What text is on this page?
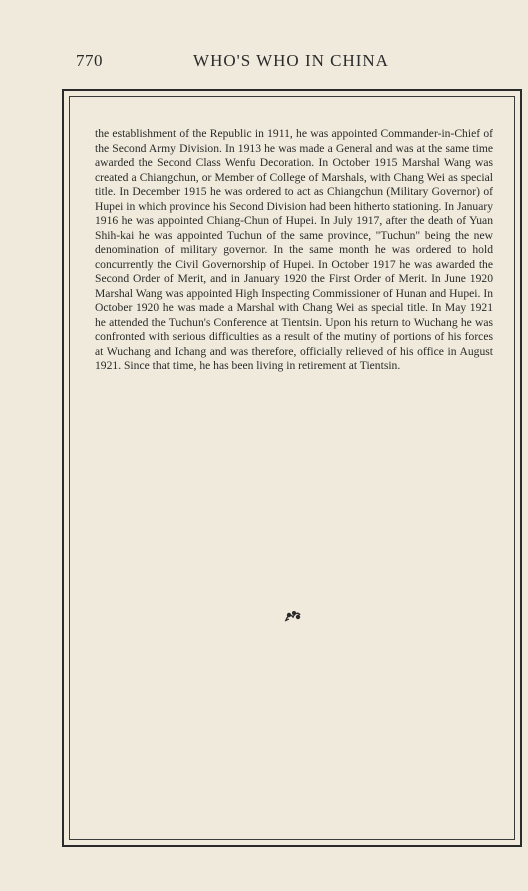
770	WHO'S WHO IN CHINA

the establishment of the Republic in 1911, he was appointed Commander-in-Chief of the Second Army Division. In 1913 he was made a General and was at the same time awarded the Second Class Wenfu Decoration. In October 1915 Marshal Wang was created a Chiangchun, or Member of College of Marshals, with Chang Wei as special title. In December 1915 he was ordered to act as Chiangchun (Military Governor) of Hupei in which province his Second Division had been hitherto stationing. In January 1916 he was appointed Chiang-Chun of Hupei. In July 1917, after the death of Yuan Shih-kai he was appointed Tuchun of the same province, "Tuchun" being the new denomination of military governor. In the same month he was ordered to hold concurrently the Civil Governorship of Hupei. In October 1917 he was awarded the Second Order of Merit, and in January 1920 the First Order of Merit. In June 1920 Marshal Wang was appointed High Inspecting Commissioner of Hunan and Hupei. In October 1920 he was made a Marshal with Chang Wei as special title. In May 1921 he attended the Tuchun's Conference at Tientsin. Upon his return to Wuchang he was confronted with serious difficulties as a result of the mutiny of portions of his forces at Wuchang and Ichang and was therefore, officially relieved of his office in August 1921. Since that time, he has been living in retirement at Tientsin.
